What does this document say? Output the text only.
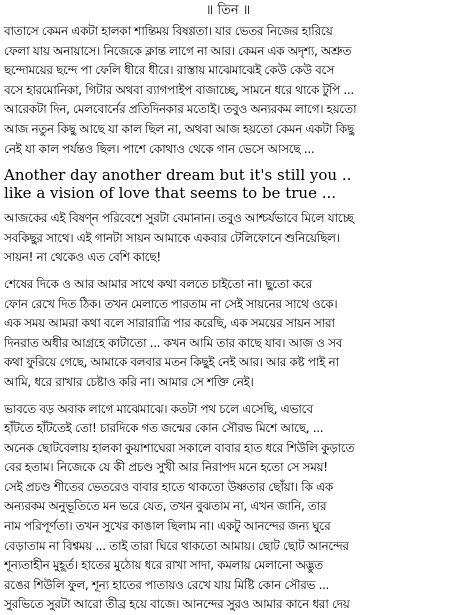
॥ তিন ॥
বাতাসে কেমন একটা হালকা শান্তিময় বিষণ্ণতা। যার ভেতর নিজের হারিয়ে
ফেলা যায় অনায়াসে। নিজেকে ক্লান্ত লাগে না আর। কেমন এক অদৃশ্য, অশ্রুত
ছন্দোময়ের ছন্দে পা ফেলি ধীরে ধীরে। রাস্তায় মাঝেমাঝেই কেউ কেউ বসে
বসে হারমোনিকা, গিটার অথবা ব্যাগপাইপ বাজাচ্ছে, সামনে ধরে থাকে টুপি ...
আরেকটা দিন, মেলবোর্নের প্রতিদিনকার মতোই। তবুও অন্যরকম লাগে। হয়তো
আজ নতুন কিছু আছে যা কাল ছিল না, অথবা আজ হয়তো কেমন একটা কিছু
নেই যা কাল পর্যন্তও ছিল। পাশে কোথাও থেকে গান ভেসে আসছে ...
Another day another dream but it's still you ..
like a vision of love that seems to be true ...
আজকের এই বিষণ্ন পরিবেশে সুরটা বেমানান। তবুও আশ্চর্যভাবে মিলে যাচ্ছে
সবকিছুর সাথে। এই গানটা সায়ন আমাকে একবার টেলিফোনে শুনিয়েছিল।
সায়ন! না থেকেও এত বেশি কাছে!
শেষের দিকে ও আর আমার সাথে কথা বলতে চাইতো না। ছুতো করে
ফোন রেখে দিত ঠিক। তখন মেলাতে পারতাম না সেই সায়নের সাথে ওকে।
এক সময় আমরা কথা বলে সারারাত্রি পার করেছি, এক সময়ের সায়ন সারা
দিনরাত অধীর আগ্রহে কাটাতো ... কখন আমি তার কাছে যাব। আজ ও সব
কথা ফুরিয়ে গেছে, আমাকে বলবার মতন কিছুই নেই আর। আর কষ্ট পাই না
আমি, ধরে রাখার চেষ্টাও করি না। আমার সে শক্তি নেই।
ভাবতে বড় অবাক লাগে মাঝেমাঝে। কতটা পথ চলে এসেছি, এভাবে
হাঁটতে হাঁটতেই তো! চারদিকে গত জন্মের কোন সৌরভ মিশে আছে, ...
অনেক ছোটবেলায় হালকা কুয়াশাঘেরা সকালে বাবার হাত ধরে শিউলি কুড়াতে
বের হতাম। নিজেকে যে কী প্রচণ্ড সুখী আর নিরাপদ মনে হতো সে সময়!
সেই প্রচণ্ড শীতের ভেতরেও বাবার হাতে থাকতো উষ্ণতার ছোঁয়া। কি এক
অন্যরকম অনুভূতিতে মন ভরে যেত, তখন বুঝতাম না, এখন জানি, তার
নাম পরিপূর্ণতা। তখন সুখের কাঙাল ছিলাম না। একটু আনন্দের জন্য ঘুরে
বেড়াতাম না বিশ্বময় ... তাই তারা ঘিরে থাকতো আমায়। ছোট ছোট আনন্দের
শূন্যতাহীন মুহূর্ত। হাতের মুঠোয় ধরে রাখা সাদা, কমলায় মেলানো অদ্ভুত
রঙের শিউলি ফুল, শূন্য হাতের পাতায়ও রেখে যায় মিষ্টি কোন সৌরভ ...
সুরভিতে সুরটা আরো তীব্র হয়ে বাজে। আনন্দের সুরও আমার কানে ধরা দেয়
